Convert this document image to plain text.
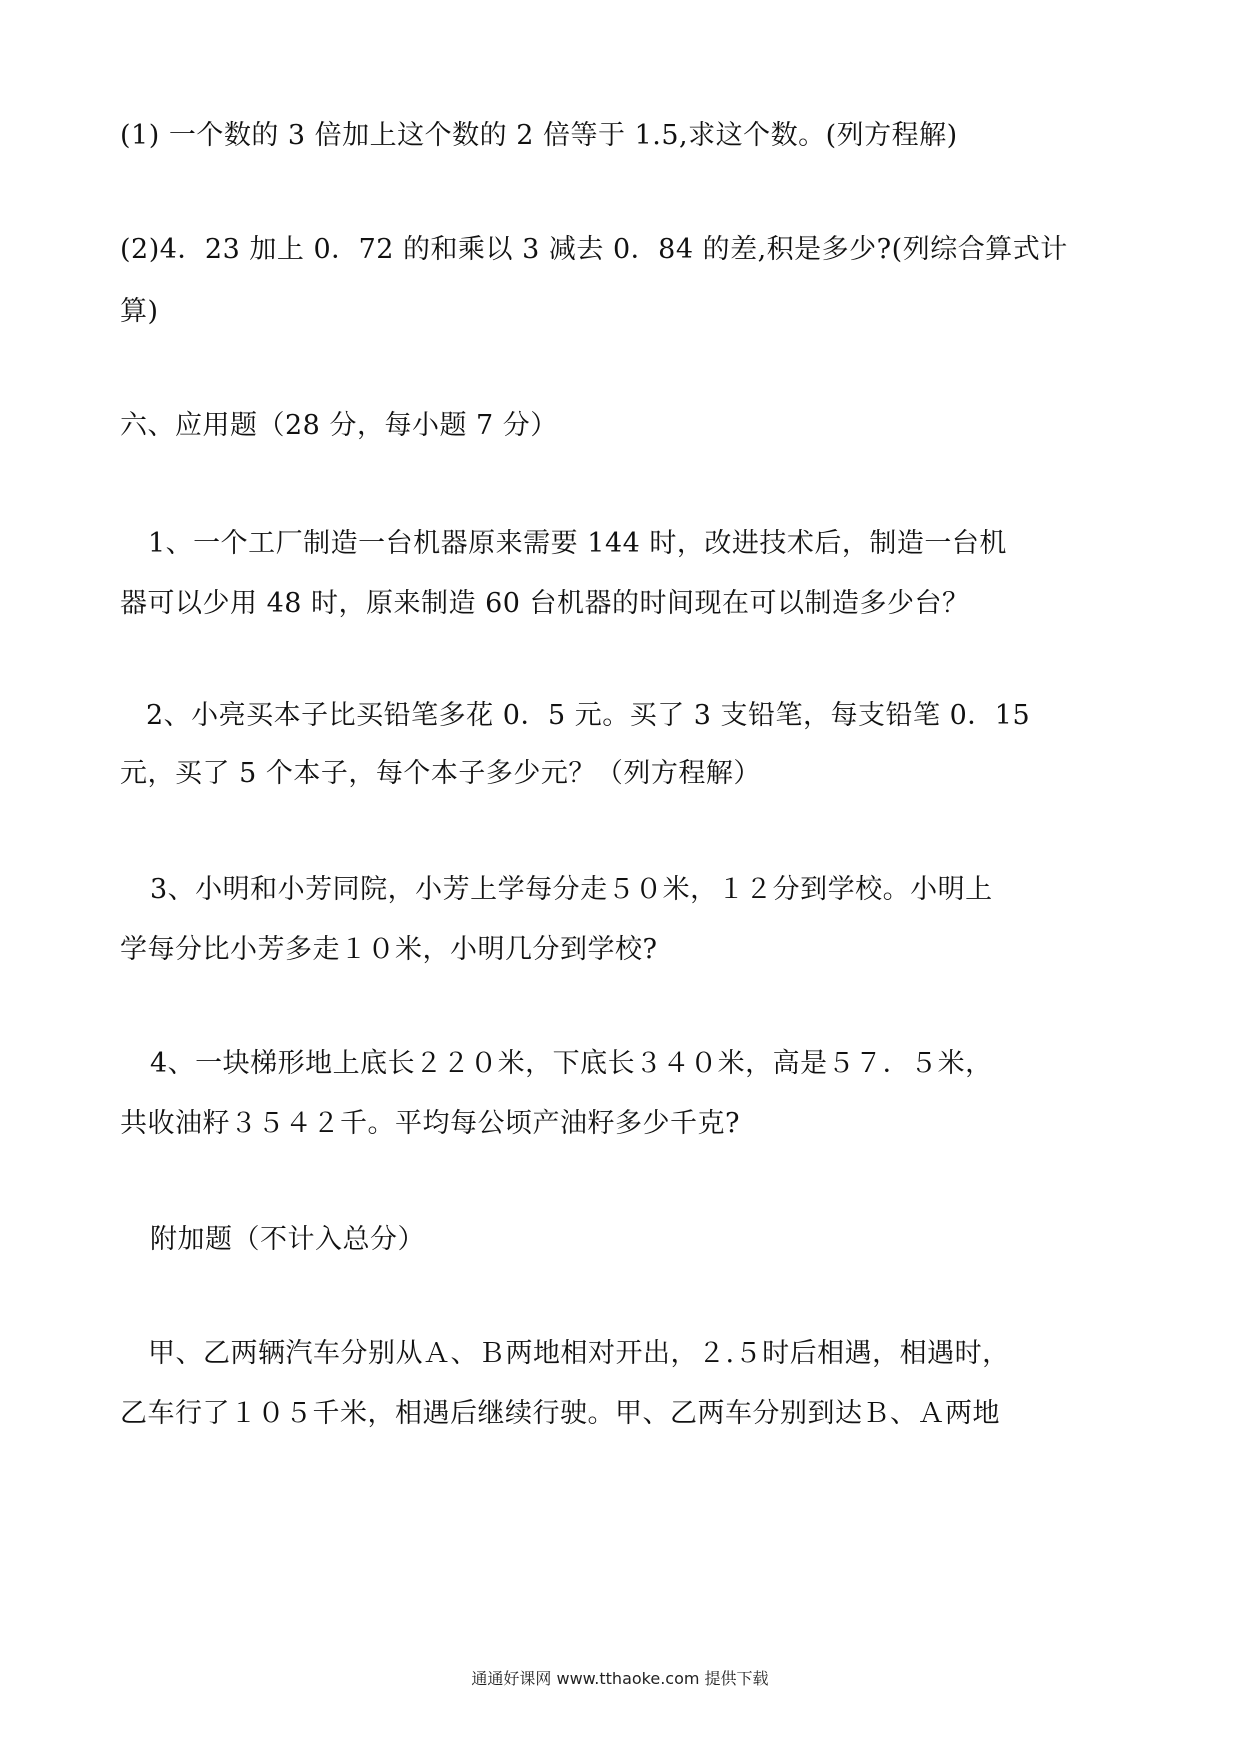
(1) 一个数的 3 倍加上这个数的 2 倍等于 1.5,求这个数。(列方程解)
(2)4．23 加上 0．72 的和乘以 3 减去 0．84 的差,积是多少?(列综合算式计
算)
六、应用题（28 分，每小题 7 分）
1、一个工厂制造一台机器原来需要 144 时，改进技术后，制造一台机
器可以少用 48 时，原来制造 60 台机器的时间现在可以制造多少台？
2、小亮买本子比买铅笔多花 0．5 元。买了 3 支铅笔，每支铅笔 0．15
元，买了 5 个本子，每个本子多少元？（列方程解）
3、小明和小芳同院，小芳上学每分走５０米，１２分到学校。小明上
学每分比小芳多走１０米，小明几分到学校?
4、一块梯形地上底长２２０米，下底长３４０米，高是５７．５米，
共收油籽３５４２千。平均每公顷产油籽多少千克?
附加题（不计入总分）
甲、乙两辆汽车分别从Ａ、Ｂ两地相对开出，２.５时后相遇，相遇时，
乙车行了１０５千米，相遇后继续行驶。甲、乙两车分别到达Ｂ、Ａ两地
通通好课网 www.tthaoke.com 提供下载
